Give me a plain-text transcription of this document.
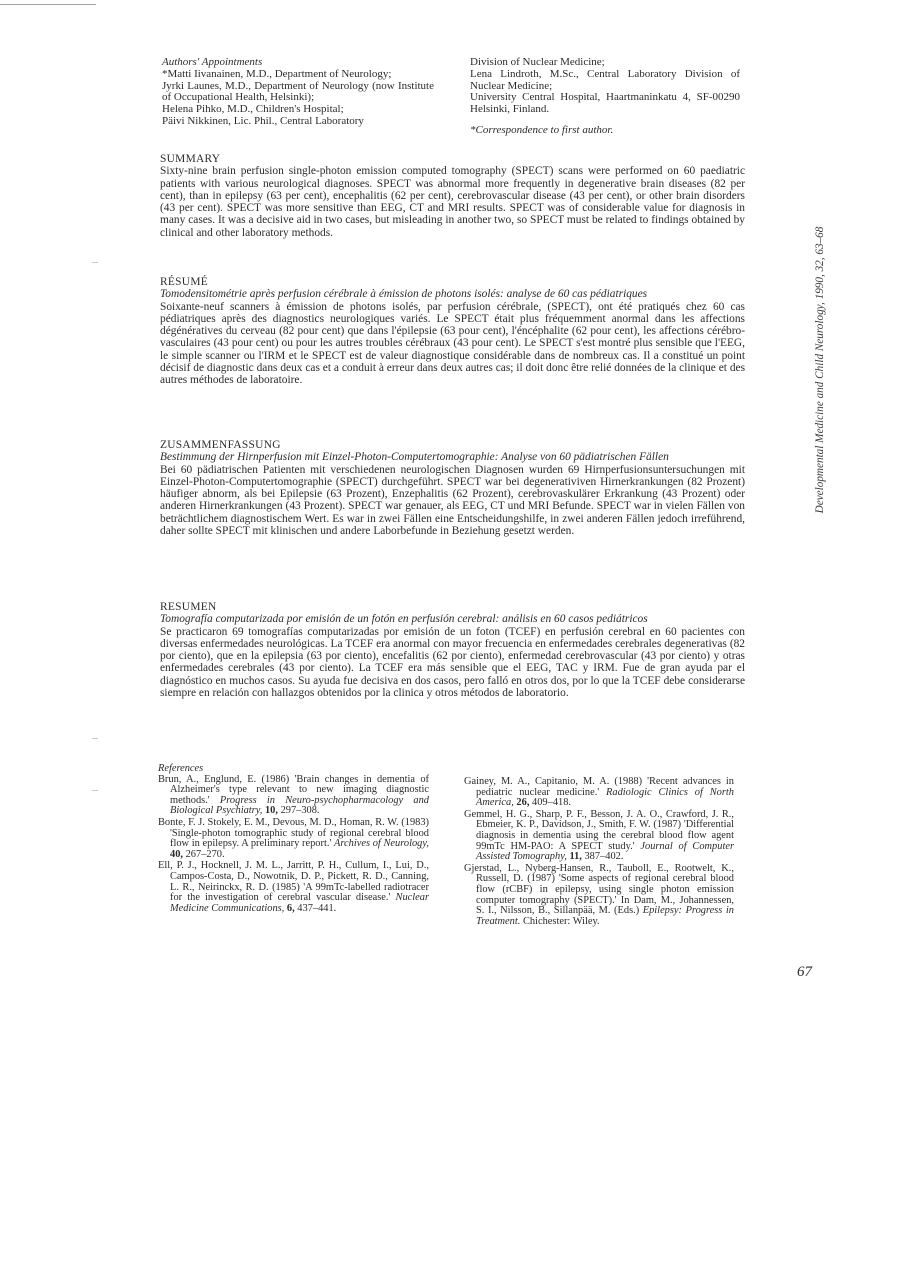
Authors' Appointments
*Matti Iivanainen, M.D., Department of Neurology;
Jyrki Launes, M.D., Department of Neurology (now Institute of Occupational Health, Helsinki);
Helena Pihko, M.D., Children's Hospital;
Päivi Nikkinen, Lic. Phil., Central Laboratory
Division of Nuclear Medicine;
Lena Lindroth, M.Sc., Central Laboratory Division of Nuclear Medicine;
University Central Hospital, Haartmaninkatu 4, SF-00290 Helsinki, Finland.
*Correspondence to first author.
SUMMARY
Sixty-nine brain perfusion single-photon emission computed tomography (SPECT) scans were performed on 60 paediatric patients with various neurological diagnoses. SPECT was abnormal more frequently in degenerative brain diseases (82 per cent), than in epilepsy (63 per cent), encephalitis (62 per cent), cerebrovascular disease (43 per cent), or other brain disorders (43 per cent). SPECT was more sensitive than EEG, CT and MRI results. SPECT was of considerable value for diagnosis in many cases. It was a decisive aid in two cases, but misleading in another two, so SPECT must be related to findings obtained by clinical and other laboratory methods.
RÉSUMÉ
Tomodensitométrie après perfusion cérébrale à émission de photons isolés: analyse de 60 cas pédiatriques
Soixante-neuf scanners à émission de photons isolés, par perfusion cérébrale, (SPECT), ont été pratiqués chez 60 cas pédiatriques après des diagnostics neurologiques variés. Le SPECT était plus fréquemment anormal dans les affections dégénératives du cerveau (82 pour cent) que dans l'épilepsie (63 pour cent), l'éncéphalite (62 pour cent), les affections cérébro-vasculaires (43 pour cent) ou pour les autres troubles cérébraux (43 pour cent). Le SPECT s'est montré plus sensible que l'EEG, le simple scanner ou l'IRM et le SPECT est de valeur diagnostique considérable dans de nombreux cas. Il a constitué un point décisif de diagnostic dans deux cas et a conduit à erreur dans deux autres cas; il doit donc être relié données de la clinique et des autres méthodes de laboratoire.
ZUSAMMENFASSUNG
Bestimmung der Hirnperfusion mit Einzel-Photon-Computertomographie: Analyse von 60 pädiatrischen Fällen
Bei 60 pädiatrischen Patienten mit verschiedenen neurologischen Diagnosen wurden 69 Hirnperfusionsuntersuchungen mit Einzel-Photon-Computertomographie (SPECT) durchgeführt. SPECT war bei degenerativiven Hirnerkrankungen (82 Prozent) häufiger abnorm, als bei Epilepsie (63 Prozent), Enzephalitis (62 Prozent), cerebrovaskulärer Erkrankung (43 Prozent) oder anderen Hirnerkrankungen (43 Prozent). SPECT war genauer, als EEG, CT und MRI Befunde. SPECT war in vielen Fällen von beträchtlichem diagnostischem Wert. Es war in zwei Fällen eine Entscheidungshilfe, in zwei anderen Fällen jedoch irreführend, daher sollte SPECT mit klinischen und andere Laborbefunde in Beziehung gesetzt werden.
RESUMEN
Tomografía computarizada por emisión de un fotón en perfusión cerebral: análisis en 60 casos pediátricos
Se practicaron 69 tomografías computarizadas por emisión de un foton (TCEF) en perfusión cerebral en 60 pacientes con diversas enfermedades neurológicas. La TCEF era anormal con mayor frecuencia en enfermedades cerebrales degenerativas (82 por ciento), que en la epilepsia (63 por ciento), encefalitis (62 por ciento), enfermedad cerebrovascular (43 por ciento) y otras enfermedades cerebrales (43 por ciento). La TCEF era más sensible que el EEG, TAC y IRM. Fue de gran ayuda par el diagnóstico en muchos casos. Su ayuda fue decisiva en dos casos, pero falló en otros dos, por lo que la TCEF debe considerarse siempre en relación con hallazgos obtenidos por la clinica y otros métodos de laboratorio.
References
Brun, A., Englund, E. (1986) 'Brain changes in dementia of Alzheimer's type relevant to new imaging diagnostic methods.' Progress in Neuro-psychopharmacology and Biological Psychiatry, 10, 297–308.
Bonte, F. J. Stokely, E. M., Devous, M. D., Homan, R. W. (1983) 'Single-photon tomographic study of regional cerebral blood flow in epilepsy. A preliminary report.' Archives of Neurology, 40, 267–270.
Ell, P. J., Hocknell, J. M. L., Jarritt, P. H., Cullum, I., Lui, D., Campos-Costa, D., Nowotnik, D. P., Pickett, R. D., Canning, L. R., Neirinckx, R. D. (1985) 'A 99mTc-labelled radiotracer for the investigation of cerebral vascular disease.' Nuclear Medicine Communications, 6, 437–441.
Gainey, M. A., Capitanio, M. A. (1988) 'Recent advances in pediatric nuclear medicine.' Radiologic Clinics of North America, 26, 409–418.
Gemmel, H. G., Sharp, P. F., Besson, J. A. O., Crawford, J. R., Ebmeier, K. P., Davidson, J., Smith, F. W. (1987) 'Differential diagnosis in dementia using the cerebral blood flow agent 99mTc HM-PAO: A SPECT study.' Journal of Computer Assisted Tomography, 11, 387–402.
Gjerstad, L., Nyberg-Hansen, R., Tauboll, E., Rootwelt, K., Russell, D. (1987) 'Some aspects of regional cerebral blood flow (rCBF) in epilepsy, using single photon emission computer tomography (SPECT).' In Dam, M., Johannessen, S. I., Nilsson, B., Sillanpää, M. (Eds.) Epilepsy: Progress in Treatment. Chichester: Wiley.
Developmental Medicine and Child Neurology, 1990, 32, 63–68
67
